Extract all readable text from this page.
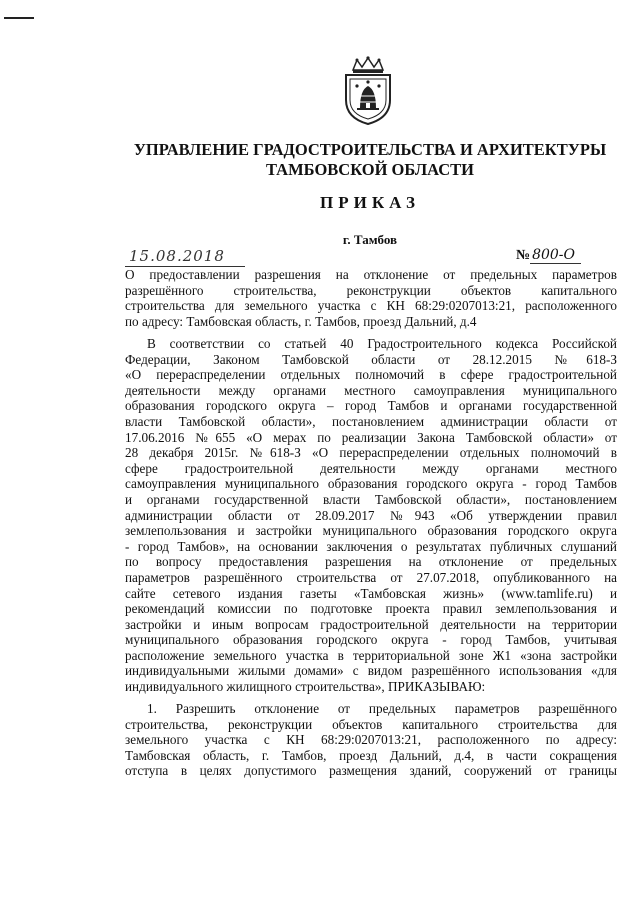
УПРАВЛЕНИЕ ГРАДОСТРОИТЕЛЬСТВА И АРХИТЕКТУРЫ
ТАМБОВСКОЙ ОБЛАСТИ
ПРИКАЗ
г. Тамбов
15.08.2018	№ 800-О
О предоставлении разрешения на отклонение от предельных параметров
разрешённого строительства, реконструкции объектов капитального
строительства для земельного участка с КН 68:29:0207013:21, расположенного
по адресу: Тамбовская область, г. Тамбов, проезд Дальний, д.4
В соответствии со статьей 40 Градостроительного кодекса Российской
Федерации, Законом Тамбовской области от 28.12.2015 №618-З
«О перераспределении отдельных полномочий в сфере градостроительной
деятельности между органами местного самоуправления муниципального
образования городского округа – город Тамбов и органами государственной
власти Тамбовской области», постановлением администрации области от
17.06.2016 №655 «О мерах по реализации Закона Тамбовской области» от
28 декабря 2015г. №618-З «О перераспределении отдельных полномочий в
сфере градостроительной деятельности между органами местного
самоуправления муниципального образования городского округа - город Тамбов
и органами государственной власти Тамбовской области», постановлением
администрации области от 28.09.2017 №943 «Об утверждении правил
землепользования и застройки муниципального образования городского округа
- город Тамбов», на основании заключения о результатах публичных слушаний
по вопросу предоставления разрешения на отклонение от предельных
параметров разрешённого строительства от 27.07.2018, опубликованного на
сайте сетевого издания газеты «Тамбовская жизнь» (www.tamlife.ru) и
рекомендаций комиссии по подготовке проекта правил землепользования и
застройки и иным вопросам градостроительной деятельности на территории
муниципального образования городского округа - город Тамбов, учитывая
расположение земельного участка в территориальной зоне Ж1 «зона застройки
индивидуальными жилыми домами» с видом разрешённого использования «для
индивидуального жилищного строительства», ПРИКАЗЫВАЮ:
1. Разрешить отклонение от предельных параметров разрешённого
строительства, реконструкции объектов капитального строительства для
земельного участка с КН 68:29:0207013:21, расположенного по адресу:
Тамбовская область, г. Тамбов, проезд Дальний, д.4, в части сокращения
отступа в целях допустимого размещения зданий, сооружений от границы
